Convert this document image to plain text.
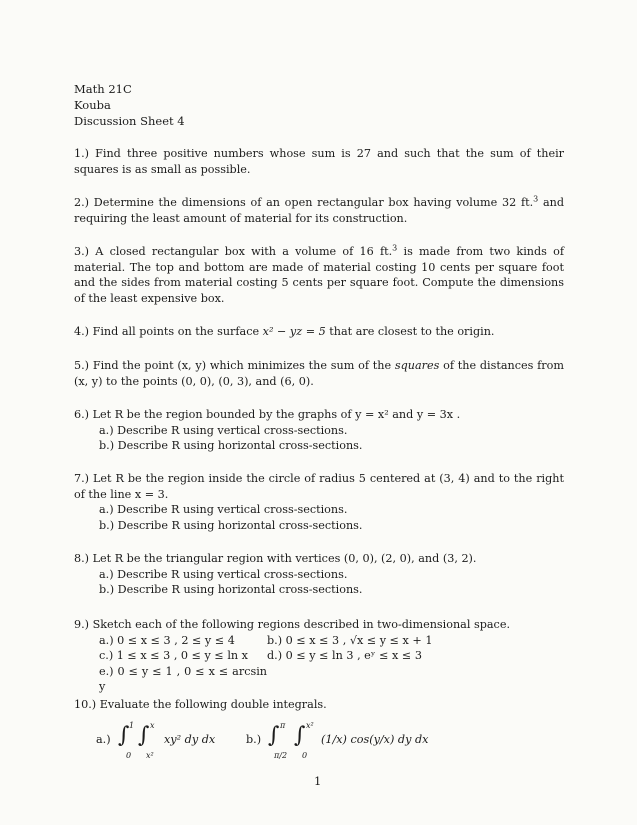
Math 21C
Kouba
Discussion Sheet 4
1.) Find three positive numbers whose sum is 27 and such that the sum of their squares is as small as possible.
2.) Determine the dimensions of an open rectangular box having volume 32 ft.$^3$ and requiring the least amount of material for its construction.
3.) A closed rectangular box with a volume of 16 ft.$^3$ is made from two kinds of material. The top and bottom are made of material costing 10 cents per square foot and the sides from material costing 5 cents per square foot. Compute the dimensions of the least expensive box.
4.) Find all points on the surface x² − yz = 5 that are closest to the origin.
5.) Find the point (x, y) which minimizes the sum of the squares of the distances from (x, y) to the points (0, 0), (0, 3), and (6, 0).
6.) Let R be the region bounded by the graphs of y = x² and y = 3x .
a.) Describe R using vertical cross-sections.
b.) Describe R using horizontal cross-sections.
7.) Let R be the region inside the circle of radius 5 centered at (3, 4) and to the right of the line x = 3.
a.) Describe R using vertical cross-sections.
b.) Describe R using horizontal cross-sections.
8.) Let R be the triangular region with vertices (0, 0), (2, 0), and (3, 2).
a.) Describe R using vertical cross-sections.
b.) Describe R using horizontal cross-sections.
9.) Sketch each of the following regions described in two-dimensional space.
a.) 0 ≤ x ≤ 3 , 2 ≤ y ≤ 4	b.) 0 ≤ x ≤ 3 , √x ≤ y ≤ x + 1
c.) 1 ≤ x ≤ 3 , 0 ≤ y ≤ ln x	d.) 0 ≤ y ≤ ln 3 , eʸ ≤ x ≤ 3
e.) 0 ≤ y ≤ 1 , 0 ≤ x ≤ arcsin y
10.) Evaluate the following double integrals.
a.) ∫ 1
0
∫ x
x²
xy² dy dx	b.) ∫ π
π/2
∫ x²
0
(1/x) cos(y/x) dy dx
1
